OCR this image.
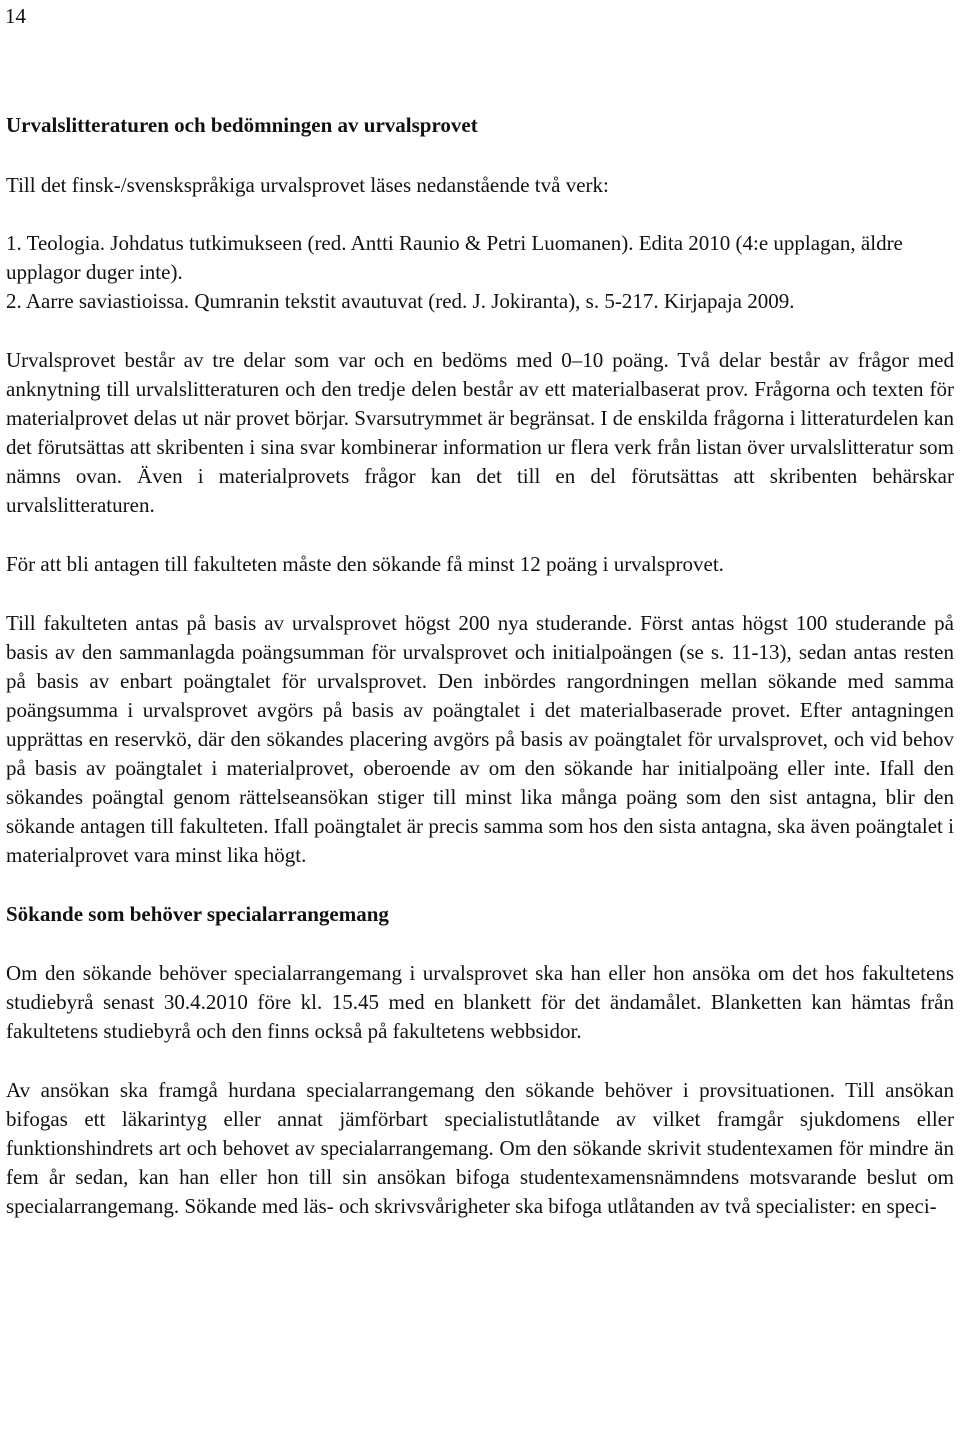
14
Urvalslitteraturen och bedömningen av urvalsprovet

Till det finsk-/svenskspråkiga urvalsprovet läses nedanstående två verk:

1. Teologia. Johdatus tutkimukseen (red. Antti Raunio & Petri Luomanen). Edita 2010 (4:e upplagan, äldre upplagor duger inte).

2. Aarre saviastioissa. Qumranin tekstit avautuvat (red. J. Jokiranta), s. 5-217. Kirjapaja 2009.

Urvalsprovet består av tre delar som var och en bedöms med 0–10 poäng. Två delar består av frågor med anknytning till urvalslitteraturen och den tredje delen består av ett materialbaserat prov. Frågorna och texten för materialprovet delas ut när provet börjar. Svarsutrymmet är begränsat. I de enskilda frågorna i litteraturdelen kan det förutsättas att skribenten i sina svar kombinerar information ur flera verk från listan över urvalslitteratur som nämns ovan. Även i materialprovets frågor kan det till en del förutsättas att skribenten behärskar urvalslitteraturen.

För att bli antagen till fakulteten måste den sökande få minst 12 poäng i urvalsprovet.

Till fakulteten antas på basis av urvalsprovet högst 200 nya studerande. Först antas högst 100 studerande på basis av den sammanlagda poängsumman för urvalsprovet och initialpoängen (se s. 11-13), sedan antas resten på basis av enbart poängtalet för urvalsprovet. Den inbördes rangordningen mellan sökande med samma poängsumma i urvalsprovet avgörs på basis av poängtalet i det materialbaserade provet. Efter antagningen upprättas en reservkö, där den sökandes placering avgörs på basis av poängtalet för urvalsprovet, och vid behov på basis av poängtalet i materialprovet, oberoende av om den sökande har initialpoäng eller inte. Ifall den sökandes poängtal genom rättelseansökan stiger till minst lika många poäng som den sist antagna, blir den sökande antagen till fakulteten. Ifall poängtalet är precis samma som hos den sista antagna, ska även poängtalet i materialprovet vara minst lika högt.

Sökande som behöver specialarrangemang

Om den sökande behöver specialarrangemang i urvalsprovet ska han eller hon ansöka om det hos fakultetens studiebyrå senast 30.4.2010 före kl. 15.45 med en blankett för det ändamålet. Blanketten kan hämtas från fakultetens studiebyrå och den finns också på fakultetens webbsidor.

Av ansökan ska framgå hurdana specialarrangemang den sökande behöver i provsituationen. Till ansökan bifogas ett läkarintyg eller annat jämförbart specialistutlåtande av vilket framgår sjukdomens eller funktionshindrets art och behovet av specialarrangemang. Om den sökande skrivit studentexamen för mindre än fem år sedan, kan han eller hon till sin ansökan bifoga studentexamensnämndens motsvarande beslut om specialarrangemang. Sökande med läs- och skrivsvårigheter ska bifoga utlåtanden av två specialister: en speci-
